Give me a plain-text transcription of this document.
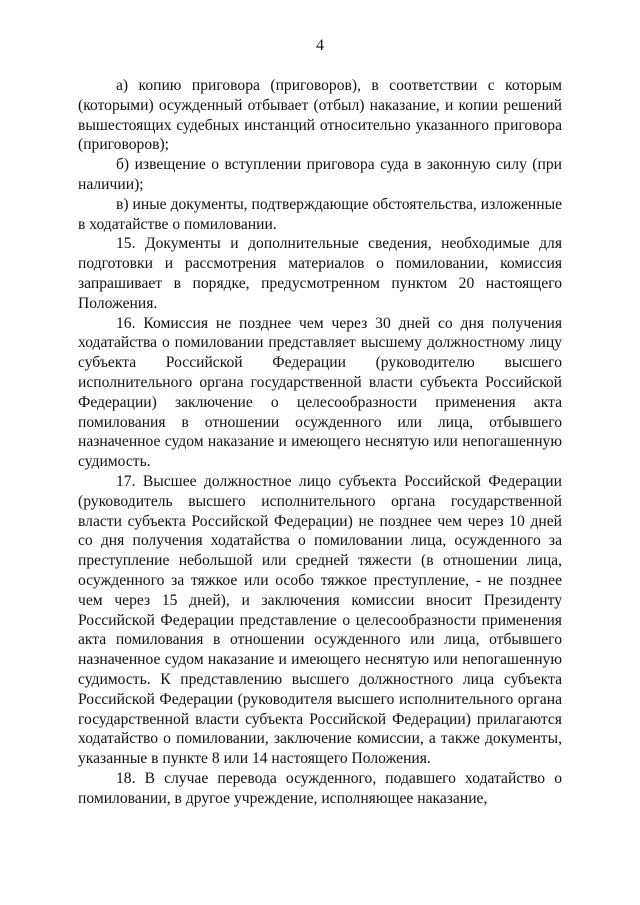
4

а) копию приговора (приговоров), в соответствии с которым (которыми) осужденный отбывает (отбыл) наказание, и копии решений вышестоящих судебных инстанций относительно указанного приговора (приговоров);

б) извещение о вступлении приговора суда в законную силу (при наличии);

в) иные документы, подтверждающие обстоятельства, изложенные в ходатайстве о помиловании.

15. Документы и дополнительные сведения, необходимые для подготовки и рассмотрения материалов о помиловании, комиссия запрашивает в порядке, предусмотренном пунктом 20 настоящего Положения.

16. Комиссия не позднее чем через 30 дней со дня получения ходатайства о помиловании представляет высшему должностному лицу субъекта Российской Федерации (руководителю высшего исполнительного органа государственной власти субъекта Российской Федерации) заключение о целесообразности применения акта помилования в отношении осужденного или лица, отбывшего назначенное судом наказание и имеющего неснятую или непогашенную судимость.

17. Высшее должностное лицо субъекта Российской Федерации (руководитель высшего исполнительного органа государственной власти субъекта Российской Федерации) не позднее чем через 10 дней со дня получения ходатайства о помиловании лица, осужденного за преступление небольшой или средней тяжести (в отношении лица, осужденного за тяжкое или особо тяжкое преступление, - не позднее чем через 15 дней), и заключения комиссии вносит Президенту Российской Федерации представление о целесообразности применения акта помилования в отношении осужденного или лица, отбывшего назначенное судом наказание и имеющего неснятую или непогашенную судимость. К представлению высшего должностного лица субъекта Российской Федерации (руководителя высшего исполнительного органа государственной власти субъекта Российской Федерации) прилагаются ходатайство о помиловании, заключение комиссии, а также документы, указанные в пункте 8 или 14 настоящего Положения.

18. В случае перевода осужденного, подавшего ходатайство о помиловании, в другое учреждение, исполняющее наказание,
